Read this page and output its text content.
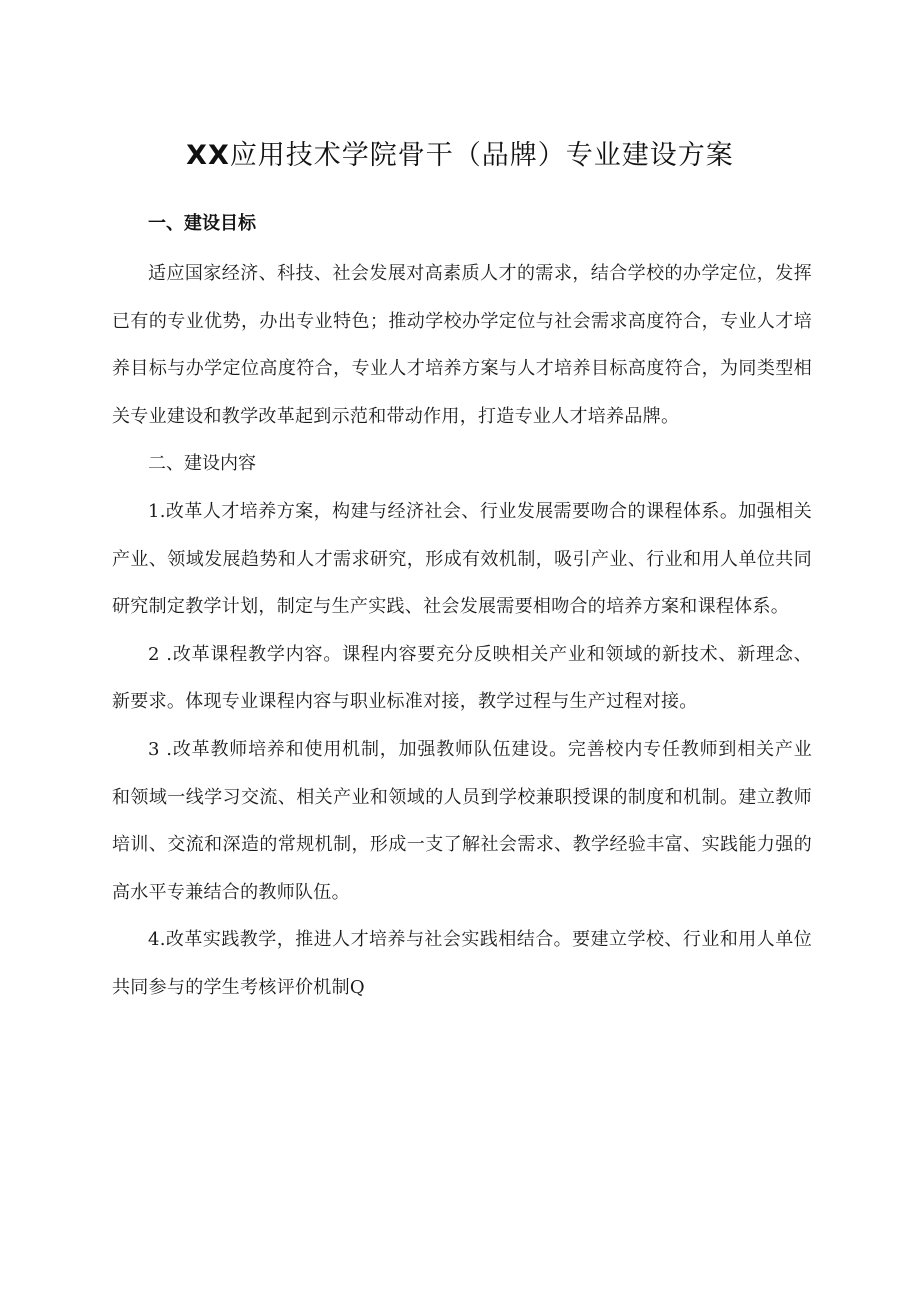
XX应用技术学院骨干（品牌）专业建设方案
一、建设目标

适应国家经济、科技、社会发展对高素质人才的需求，结合学校的办学定位，发挥已有的专业优势，办出专业特色；推动学校办学定位与社会需求高度符合，专业人才培养目标与办学定位高度符合，专业人才培养方案与人才培养目标高度符合，为同类型相关专业建设和教学改革起到示范和带动作用，打造专业人才培养品牌。

二、建设内容

1.改革人才培养方案，构建与经济社会、行业发展需要吻合的课程体系。加强相关产业、领域发展趋势和人才需求研究，形成有效机制，吸引产业、行业和用人单位共同研究制定教学计划，制定与生产实践、社会发展需要相吻合的培养方案和课程体系。

2 .改革课程教学内容。课程内容要充分反映相关产业和领域的新技术、新理念、新要求。体现专业课程内容与职业标准对接，教学过程与生产过程对接。

3 .改革教师培养和使用机制，加强教师队伍建设。完善校内专任教师到相关产业和领域一线学习交流、相关产业和领域的人员到学校兼职授课的制度和机制。建立教师培训、交流和深造的常规机制，形成一支了解社会需求、教学经验丰富、实践能力强的高水平专兼结合的教师队伍。

4.改革实践教学，推进人才培养与社会实践相结合。要建立学校、行业和用人单位共同参与的学生考核评价机制Q
